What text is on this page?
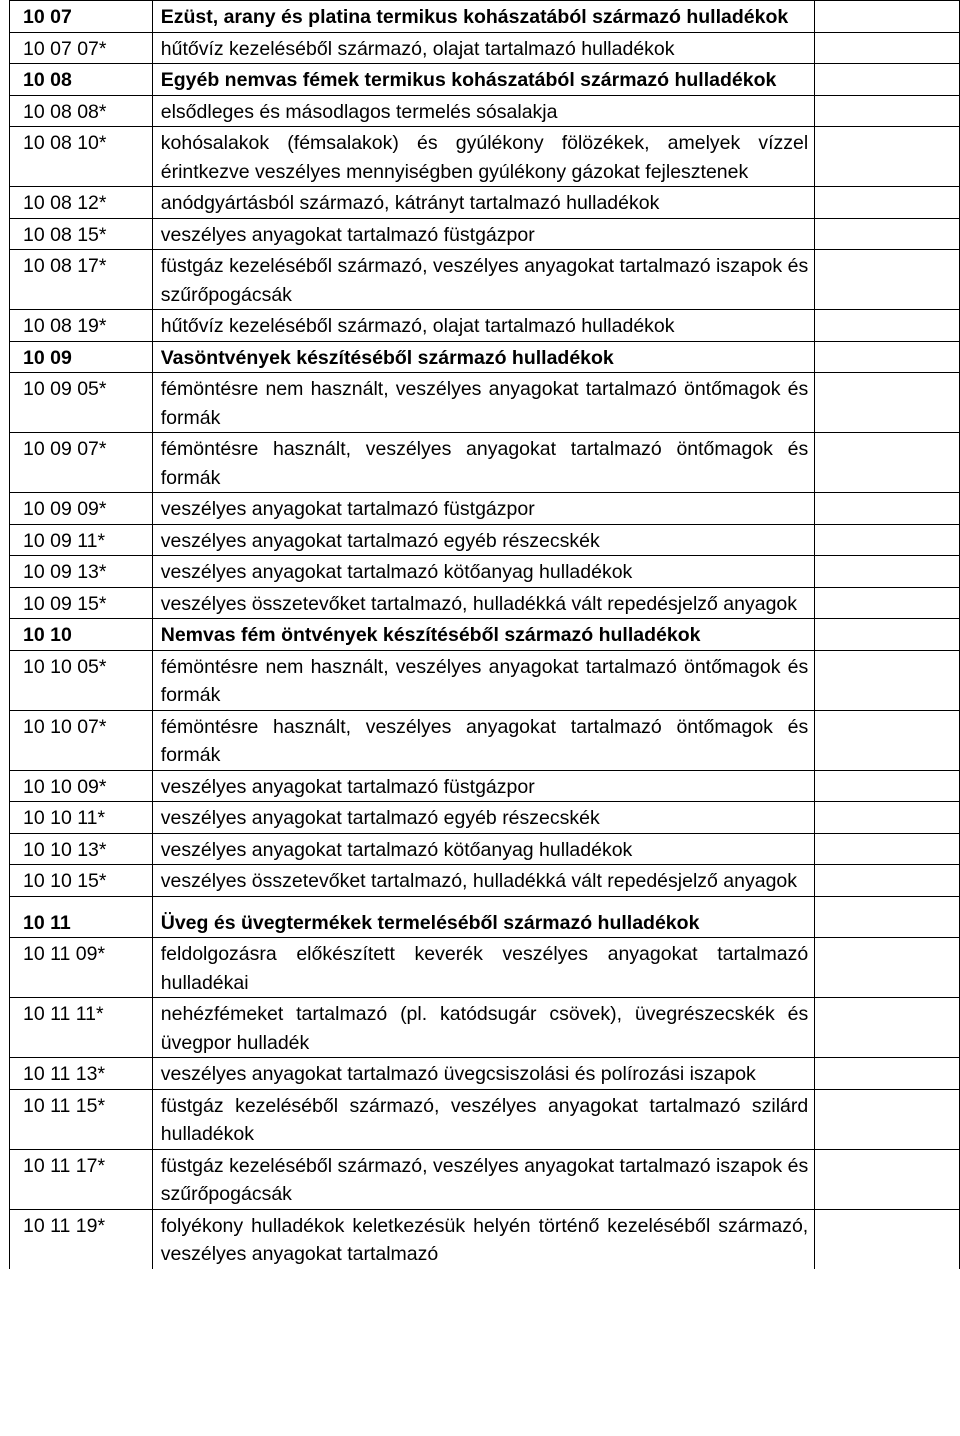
10 07	Ezüst, arany és platina termikus kohászatából származó hulladékok	
10 07 07*	hűtővíz kezeléséből származó, olajat tartalmazó hulladékok	
10 08	Egyéb nemvas fémek termikus kohászatából származó hulladékok	
10 08 08*	elsődleges és másodlagos termelés sósalakja	
10 08 10*	kohósalakok (fémsalakok) és gyúlékony fölözékek, amelyek vízzel érintkezve veszélyes mennyiségben gyúlékony gázokat fejlesztenek	
10 08 12*	anódgyártásból származó, kátrányt tartalmazó hulladékok	
10 08 15*	veszélyes anyagokat tartalmazó füstgázpor	
10 08 17*	füstgáz kezeléséből származó, veszélyes anyagokat tartalmazó iszapok és szűrőpogácsák	
10 08 19*	hűtővíz kezeléséből származó, olajat tartalmazó hulladékok	
10 09	Vasöntvények készítéséből származó hulladékok	
10 09 05*	fémöntésre nem használt, veszélyes anyagokat tartalmazó öntőmagok és formák	
10 09 07*	fémöntésre használt, veszélyes anyagokat tartalmazó öntőmagok és formák	
10 09 09*	veszélyes anyagokat tartalmazó füstgázpor	
10 09 11*	veszélyes anyagokat tartalmazó egyéb részecskék	
10 09 13*	veszélyes anyagokat tartalmazó kötőanyag hulladékok	
10 09 15*	veszélyes összetevőket tartalmazó, hulladékká vált repedésjelző anyagok	
10 10	Nemvas fém öntvények készítéséből származó hulladékok	
10 10 05*	fémöntésre nem használt, veszélyes anyagokat tartalmazó öntőmagok és formák	
10 10 07*	fémöntésre használt, veszélyes anyagokat tartalmazó öntőmagok és formák	
10 10 09*	veszélyes anyagokat tartalmazó füstgázpor	
10 10 11*	veszélyes anyagokat tartalmazó egyéb részecskék	
10 10 13*	veszélyes anyagokat tartalmazó kötőanyag hulladékok	
10 10 15*	veszélyes összetevőket tartalmazó, hulladékká vált repedésjelző anyagok	
10 11	Üveg és üvegtermékek termeléséből származó hulladékok	
10 11 09*	feldolgozásra előkészített keverék veszélyes anyagokat tartalmazó hulladékai	
10 11 11*	nehézfémeket tartalmazó (pl. katódsugár csövek), üvegrészecskék és üvegpor hulladék	
10 11 13*	veszélyes anyagokat tartalmazó üvegcsiszolási és polírozási iszapok	
10 11 15*	füstgáz kezeléséből származó, veszélyes anyagokat tartalmazó szilárd hulladékok	
10 11 17*	füstgáz kezeléséből származó, veszélyes anyagokat tartalmazó iszapok és szűrőpogácsák	
10 11 19*	folyékony hulladékok keletkezésük helyén történő kezeléséből származó, veszélyes anyagokat tartalmazó	
